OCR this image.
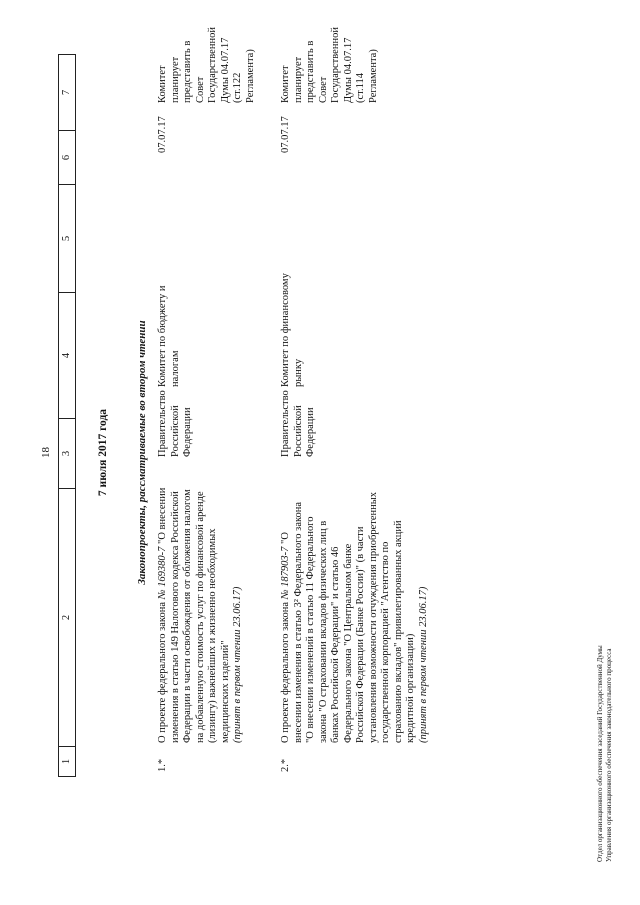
18
1
2
3
4
5
6
7
7 июля 2017 года Законопроекты, рассматриваемые во втором чтении
1.*
О проекте федерального закона № 169380-7 "О внесении изменения в статью 149 Налогового кодекса Российской Федерации в части освобождения от обложения налогом на добавленную стоимость услуг по финансовой аренде (лизингу) важнейших и жизненно необходимых медицинских изделий" (принят в первом чтении 23.06.17)
Правительство Российской Федерации
Комитет по бюджету и налогам
07.07.17
Комитет планирует представить в Совет Государственной Думы 04.07.17 (ст.122 Регламента)
2.*
О проекте федерального закона № 187903-7 "О внесении изменения в статью 3² Федерального закона "О внесении изменений в статью 11 Федерального закона "О страховании вкладов физических лиц в банках Российской Федерации" и статью 46 Федерального закона "О Центральном банке Российской Федерации (Банке России)" (в части установления возможности отчуждения приобретенных государственной корпорацией "Агентство по страхованию вкладов" привилегированных акций кредитной организации) (принят в первом чтении 23.06.17)
Правительство Российской Федерации
Комитет по финансовому рынку
07.07.17
Комитет планирует представить в Совет Государственной Думы 04.07.17 (ст.114 Регламента)
Отдел организационного обеспечения заседаний Государственной Думы Управления организационного обеспечения законодательного процесса
